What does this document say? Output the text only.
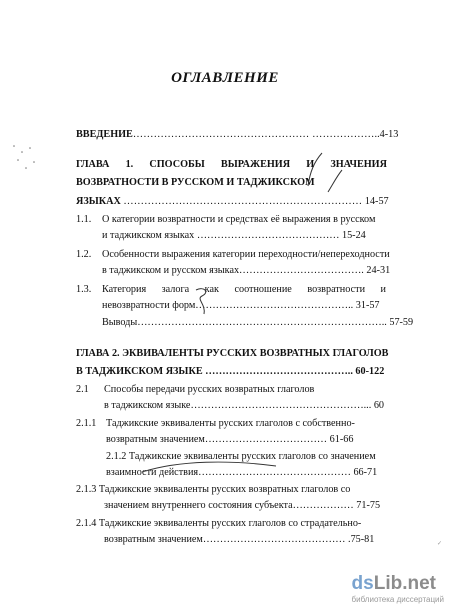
ОГЛАВЛЕНИЕ
ВВЕДЕНИЕ…………………………………………… ………………..4-13
ГЛАВА 1. СПОСОБЫ ВЫРАЖЕНИЯ И ЗНАЧЕНИЯ
ВОЗВРАТНОСТИ В РУССКОМ И ТАДЖИКСКОМ
ЯЗЫКАХ …………………………………………………………… 14-57
1.1. О категории возвратности и средствах её выражения в русском
и таджикском языках …………………………………… 15-24
1.2. Особенности выражения категории переходности/непереходности
в таджикском и русском языках………………………………. 24-31
1.3. Категория залога как соотношение возвратности и
невозвратности форм……………………………………….. 31-57
Выводы……………………………………………………………….. 57-59
ГЛАВА 2. ЭКВИВАЛЕНТЫ РУССКИХ ВОЗВРАТНЫХ ГЛАГОЛОВ
В ТАДЖИКСКОМ ЯЗЫКЕ …………………………………….. 60-122
2.1 Способы передачи русских возвратных глаголов
в таджикском языке……………………………………………... 60
2.1.1 Таджикские эквиваленты русских глаголов с собственно-
возвратным значением……………………………… 61-66
2.1.2 Таджикские эквиваленты русских глаголов со значением
взаимности действия……………………………………… 66-71
2.1.3 Таджикские эквиваленты русских возвратных глаголов со
значением внутреннего состояния субъекта……………… 71-75
2.1.4 Таджикские эквиваленты русских глаголов со страдательно-
возвратным значением…………………………………… .75-81	✓
dsLib.net
библиотека диссертаций
